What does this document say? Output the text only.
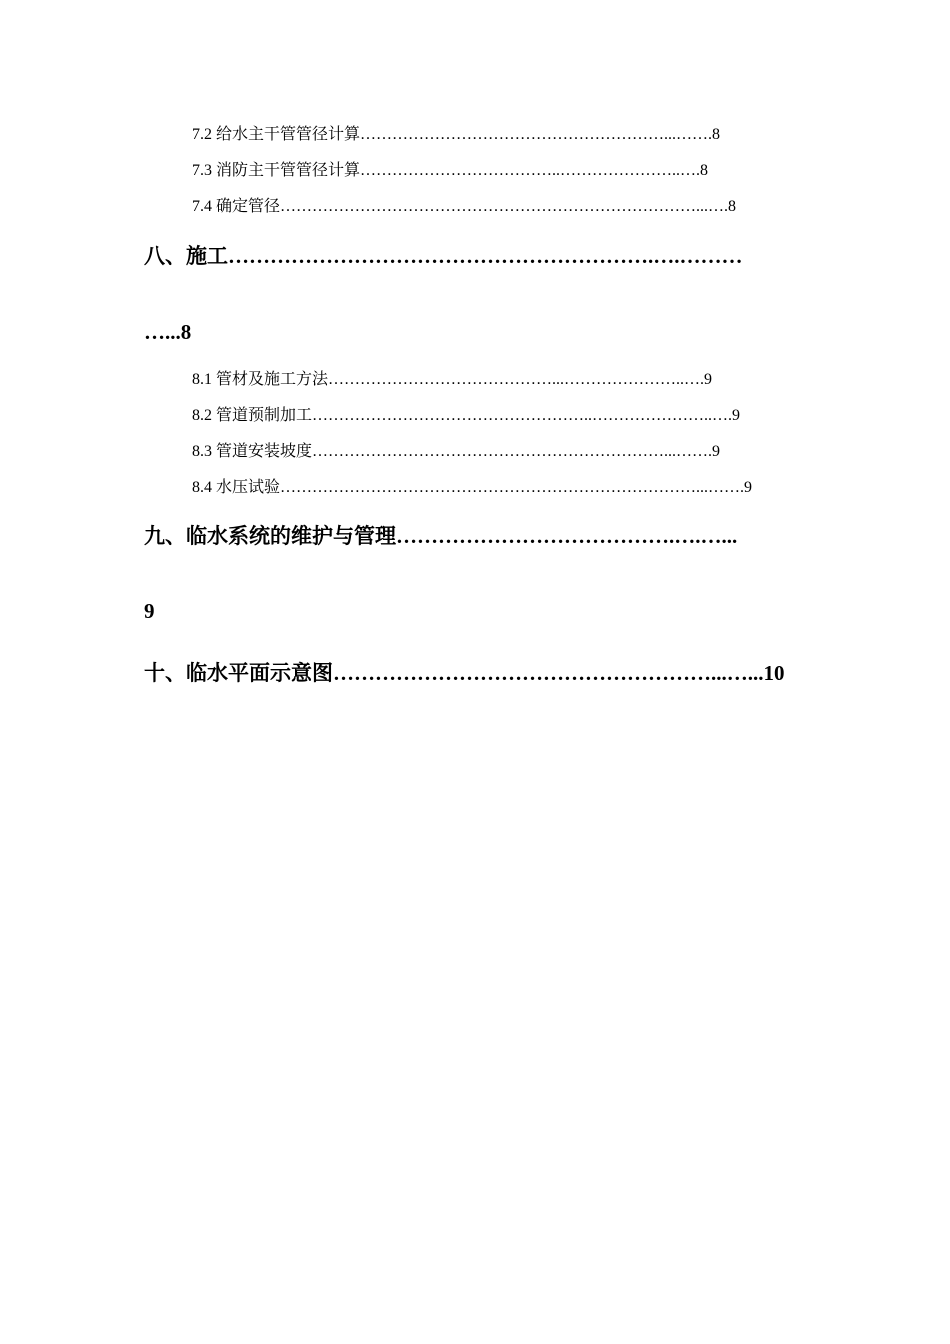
7.2 给水主干管管径计算…………………………………………………...…….8

7.3 消防主干管管径计算………………………………..…………………..….8

7.4 确定管径……………………………………………………………………...….8

八、施工…………………………………………………….….………

…...8

8.1 管材及施工方法……………………………………...…………………..….9

8.2 管道预制加工……………………………………………..…………………..….9

8.3 管道安装坡度…………………………………………………………...…….9

8.4 水压试验……………………………………………………………………...…….9

九、临水系统的维护与管理………………………………….….…...

9

十、临水平面示意图………………………………………………...…...10
